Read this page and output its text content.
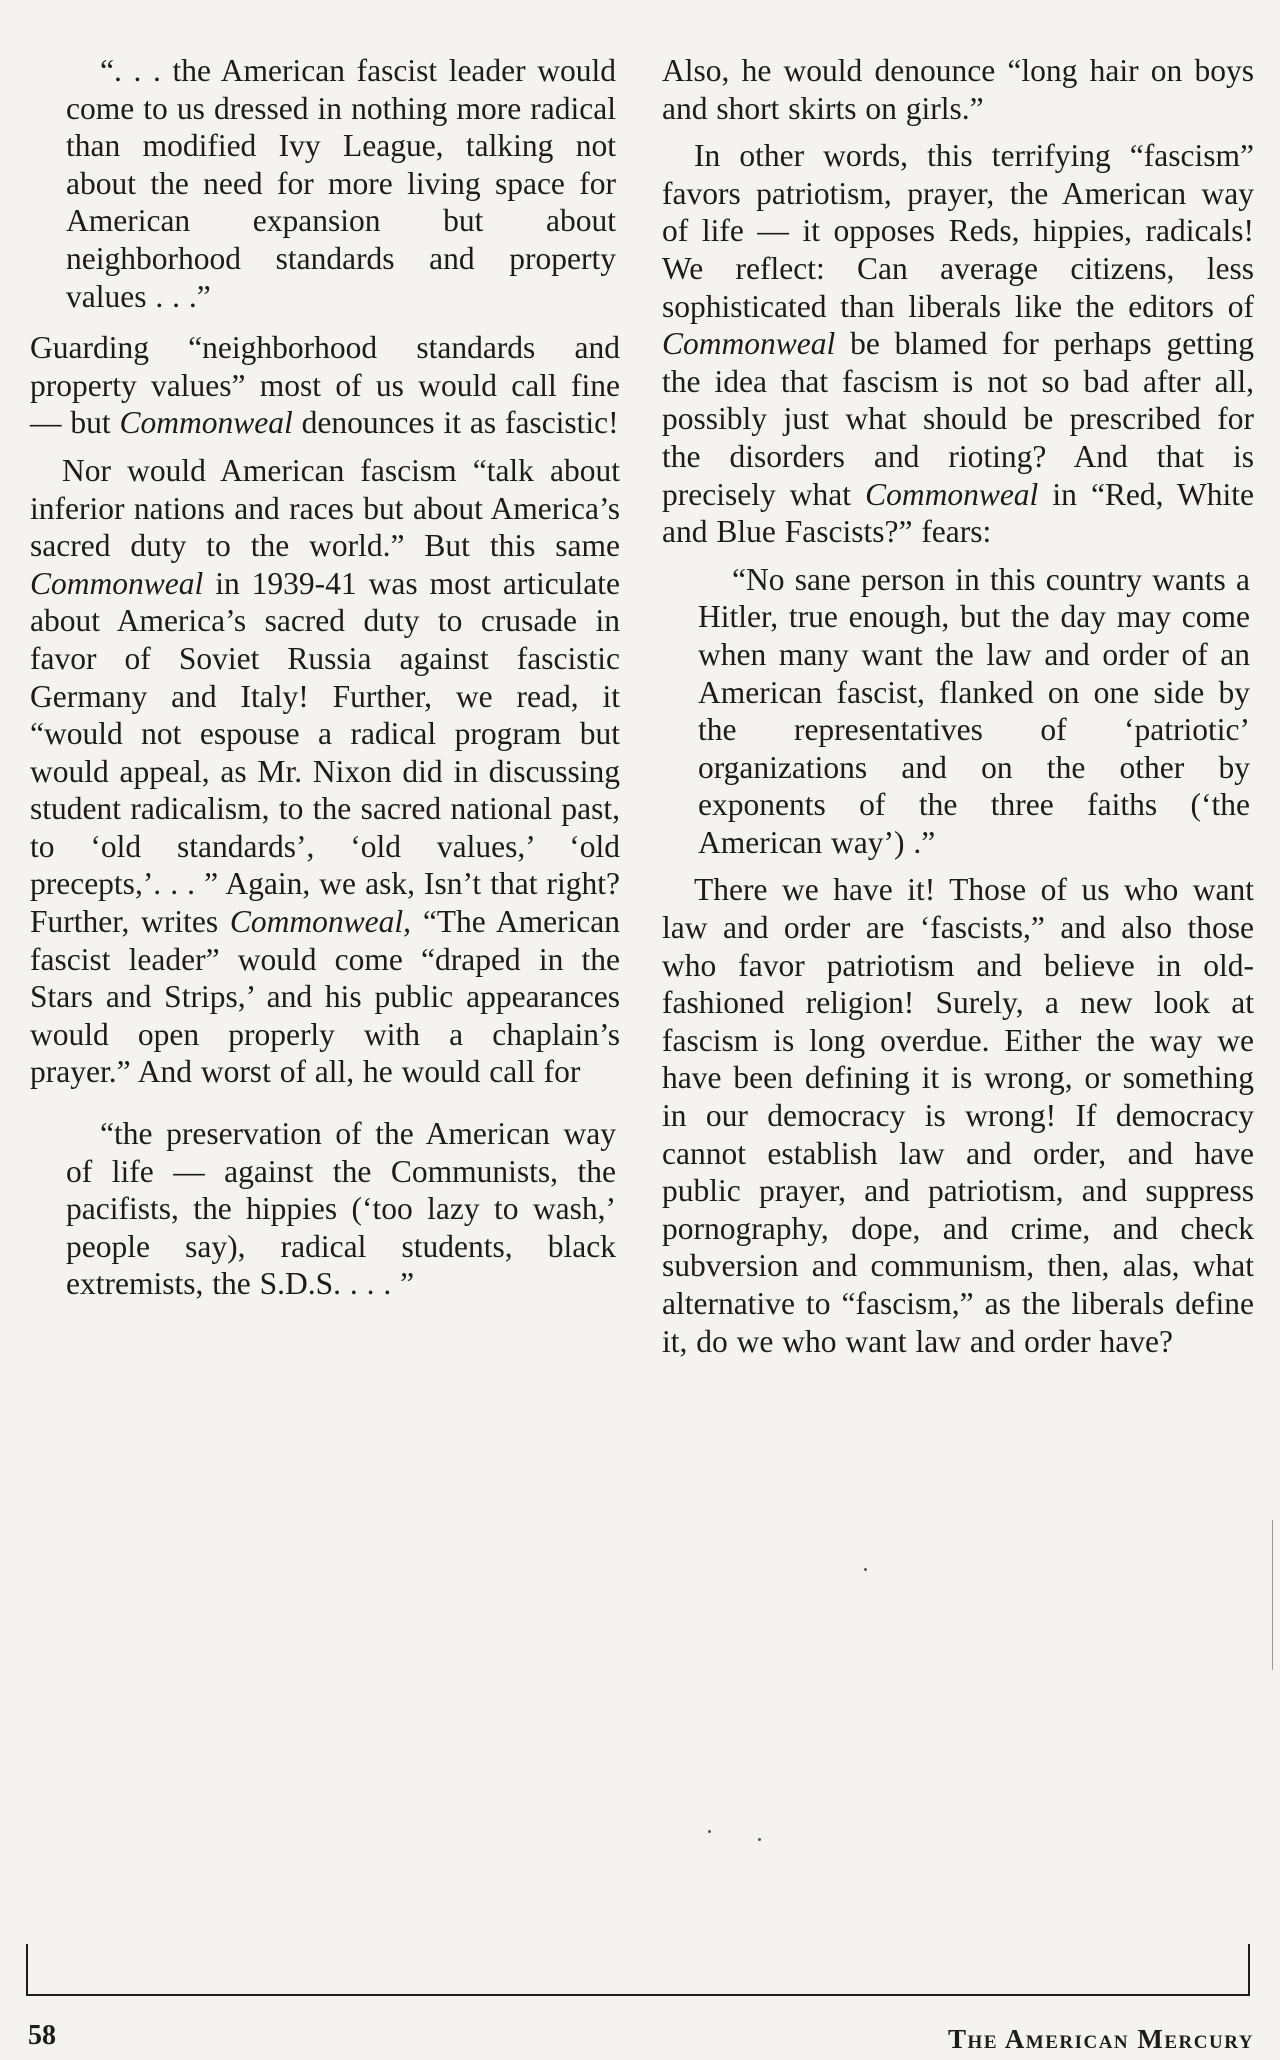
“. . . the American fascist leader would come to us dressed in nothing more radical than modified Ivy League, talking not about the need for more living space for American expansion but about neighborhood standards and property values . . .”

Guarding “neighborhood standards and property values” most of us would call fine — but Commonweal denounces it as fascistic!

Nor would American fascism “talk about inferior nations and races but about America’s sacred duty to the world.” But this same Commonweal in 1939-41 was most articulate about America’s sacred duty to crusade in favor of Soviet Russia against fascistic Germany and Italy! Further, we read, it “would not espouse a radical program but would appeal, as Mr. Nixon did in discussing student radicalism, to the sacred national past, to ‘old standards’, ‘old values,’ ‘old precepts,’. . . ” Again, we ask, Isn’t that right? Further, writes Commonweal, “The American fascist leader” would come “draped in the Stars and Strips,’ and his public appearances would open properly with a chaplain’s prayer.” And worst of all, he would call for

“the preservation of the American way of life — against the Communists, the pacifists, the hippies (‘too lazy to wash,’ people say), radical students, black extremists, the S.D.S. . . . ”

Also, he would denounce “long hair on boys and short skirts on girls.”

In other words, this terrifying “fascism” favors patriotism, prayer, the American way of life — it opposes Reds, hippies, radicals! We reflect: Can average citizens, less sophisticated than liberals like the editors of Commonweal be blamed for perhaps getting the idea that fascism is not so bad after all, possibly just what should be prescribed for the disorders and rioting? And that is precisely what Commonweal in “Red, White and Blue Fascists?” fears:

“No sane person in this country wants a Hitler, true enough, but the day may come when many want the law and order of an American fascist, flanked on one side by the representatives of ‘patriotic’ organizations and on the other by exponents of the three faiths (‘the American way’) .”

There we have it! Those of us who want law and order are ‘fascists,” and also those who favor patriotism and believe in old-fashioned religion! Surely, a new look at fascism is long overdue. Either the way we have been defining it is wrong, or something in our democracy is wrong! If democracy cannot establish law and order, and have public prayer, and patriotism, and suppress pornography, dope, and crime, and check subversion and communism, then, alas, what alternative to “fascism,” as the liberals define it, do we who want law and order have?

58	The American Mercury
